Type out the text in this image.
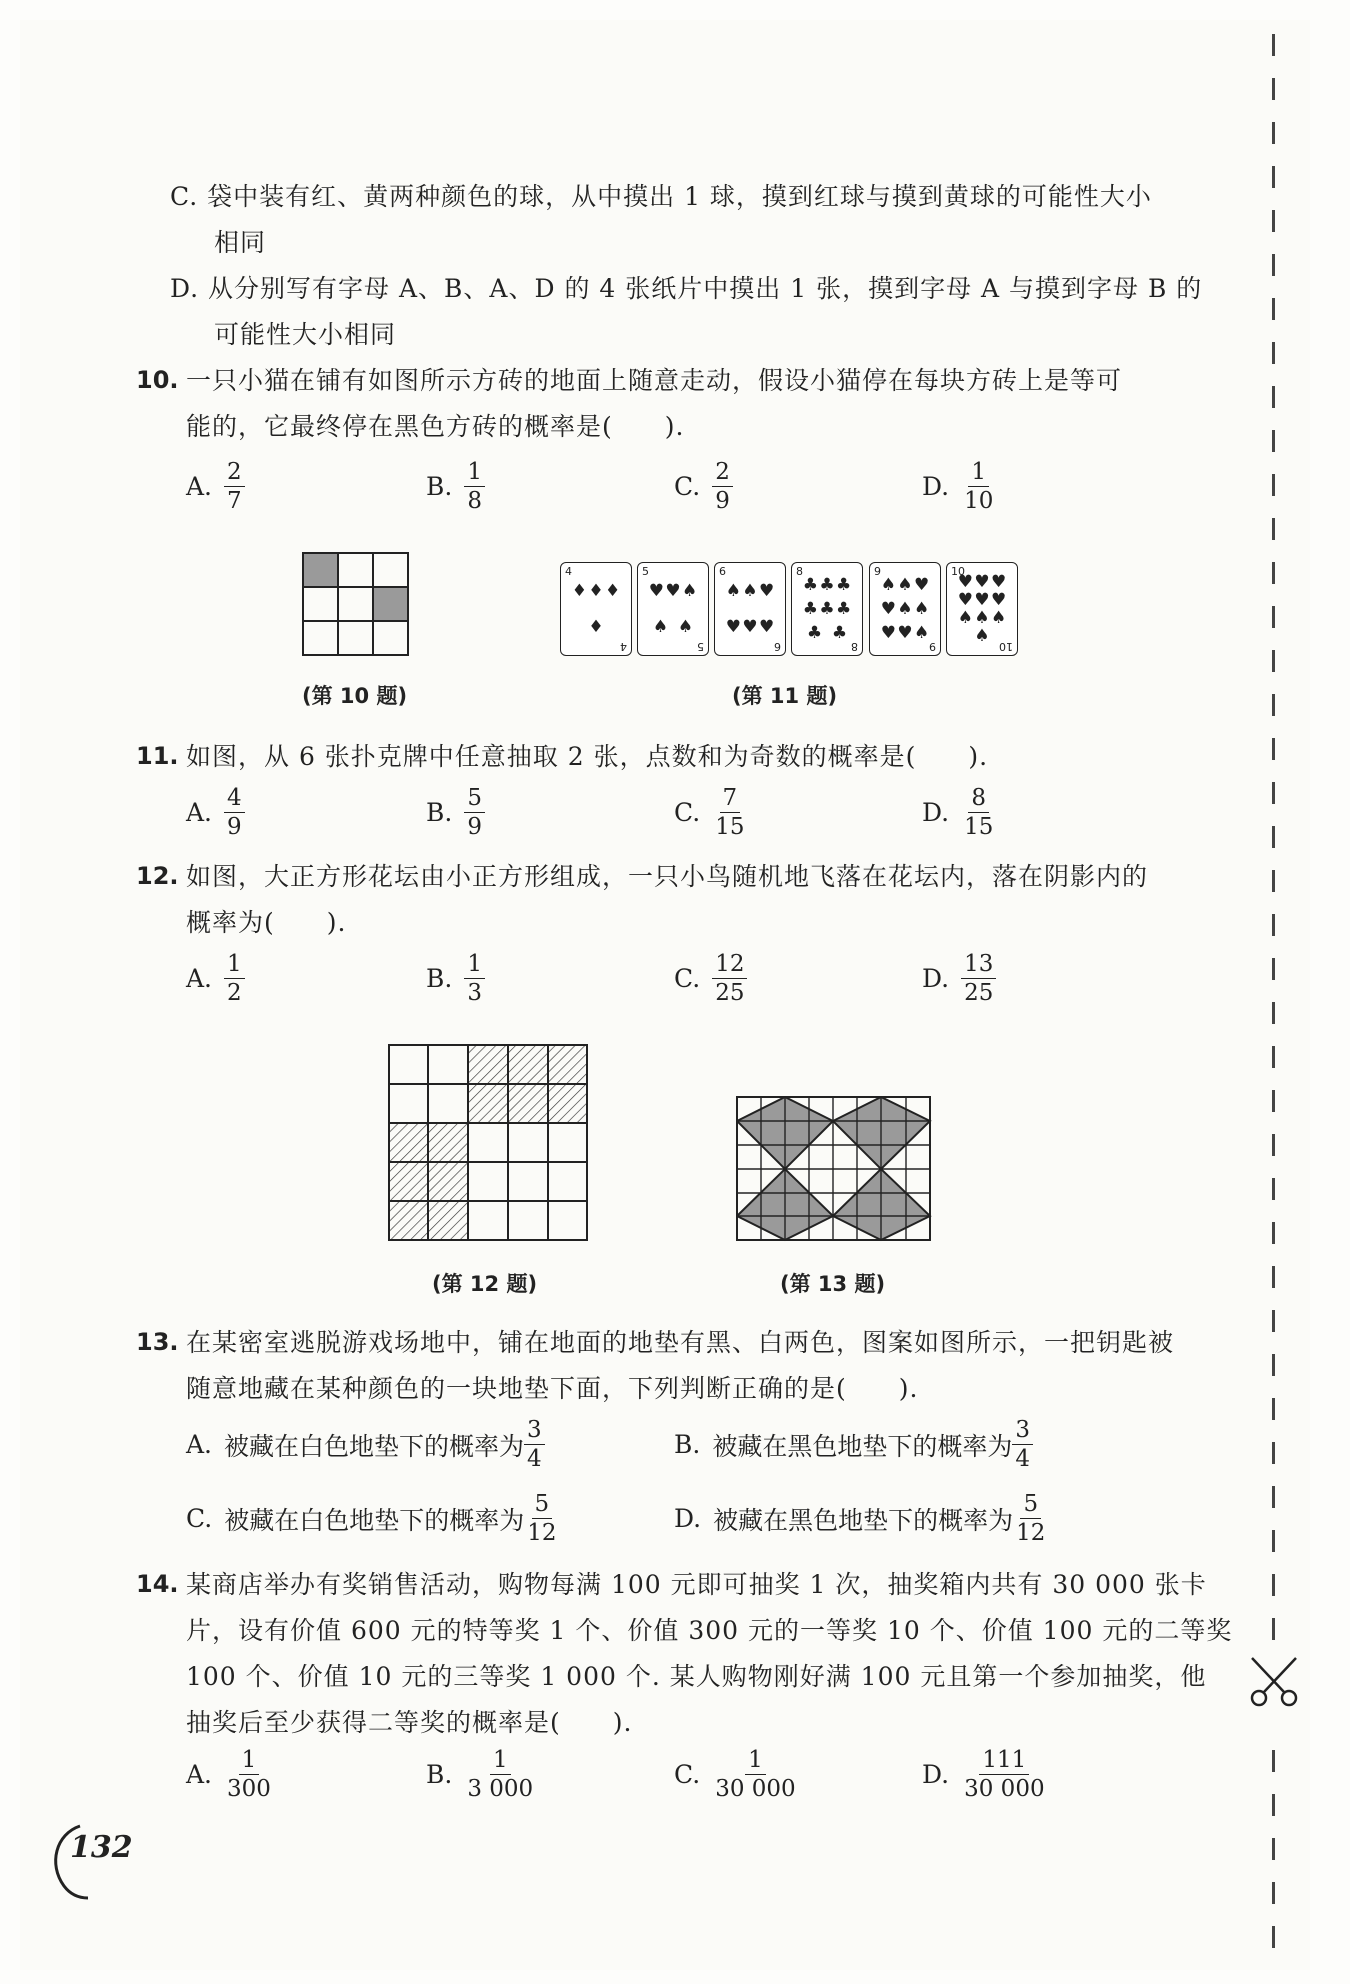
C. 袋中装有红、黄两种颜色的球，从中摸出 1 球，摸到红球与摸到黄球的可能性大小
相同
D. 从分别写有字母 A、B、A、D 的 4 张纸片中摸出 1 张，摸到字母 A 与摸到字母 B 的
可能性大小相同
10. 一只小猫在铺有如图所示方砖的地面上随意走动，假设小猫停在每块方砖上是等可
能的，它最终停在黑色方砖的概率是(　　).
A. $\frac{2}{7}$	B. $\frac{1}{8}$	C. $\frac{2}{9}$	D. $\frac{1}{10}$
(第 10 题)
4
♦ ♦ ♦
♦
4
5
♥ ♥ ♠
♠ ♠
5
6
♠ ♠ ♥
♥ ♥ ♥
6
8
♣ ♣ ♣
♣ ♣ ♣
♣ ♣
8
9
♠ ♠ ♥
♥ ♠ ♠
♥ ♥ ♠
9
10
♥ ♥ ♥
♥ ♥ ♥
♠ ♠ ♠
♠
10
(第 11 题)
11. 如图，从 6 张扑克牌中任意抽取 2 张，点数和为奇数的概率是(　　).
A. $\frac{4}{9}$	B. $\frac{5}{9}$	C. $\frac{7}{15}$	D. $\frac{8}{15}$
12. 如图，大正方形花坛由小正方形组成，一只小鸟随机地飞落在花坛内，落在阴影内的
概率为(　　).
A. $\frac{1}{2}$	B. $\frac{1}{3}$	C. $\frac{12}{25}$	D. $\frac{13}{25}$
(第 12 题)	(第 13 题)
13. 在某密室逃脱游戏场地中，铺在地面的地垫有黑、白两色，图案如图所示，一把钥匙被
随意地藏在某种颜色的一块地垫下面，下列判断正确的是(　　).
A. 被藏在白色地垫下的概率为 $\frac{3}{4}$	B. 被藏在黑色地垫下的概率为 $\frac{3}{4}$
C. 被藏在白色地垫下的概率为 $\frac{5}{12}$	D. 被藏在黑色地垫下的概率为 $\frac{5}{12}$
14. 某商店举办有奖销售活动，购物每满 100 元即可抽奖 1 次，抽奖箱内共有 30 000 张卡
片，设有价值 600 元的特等奖 1 个、价值 300 元的一等奖 10 个、价值 100 元的二等奖
100 个、价值 10 元的三等奖 1 000 个. 某人购物刚好满 100 元且第一个参加抽奖，他
抽奖后至少获得二等奖的概率是(　　).
A. $\frac{1}{300}$	B. $\frac{1}{3 000}$	C. $\frac{1}{30 000}$	D. $\frac{111}{30 000}$
132
